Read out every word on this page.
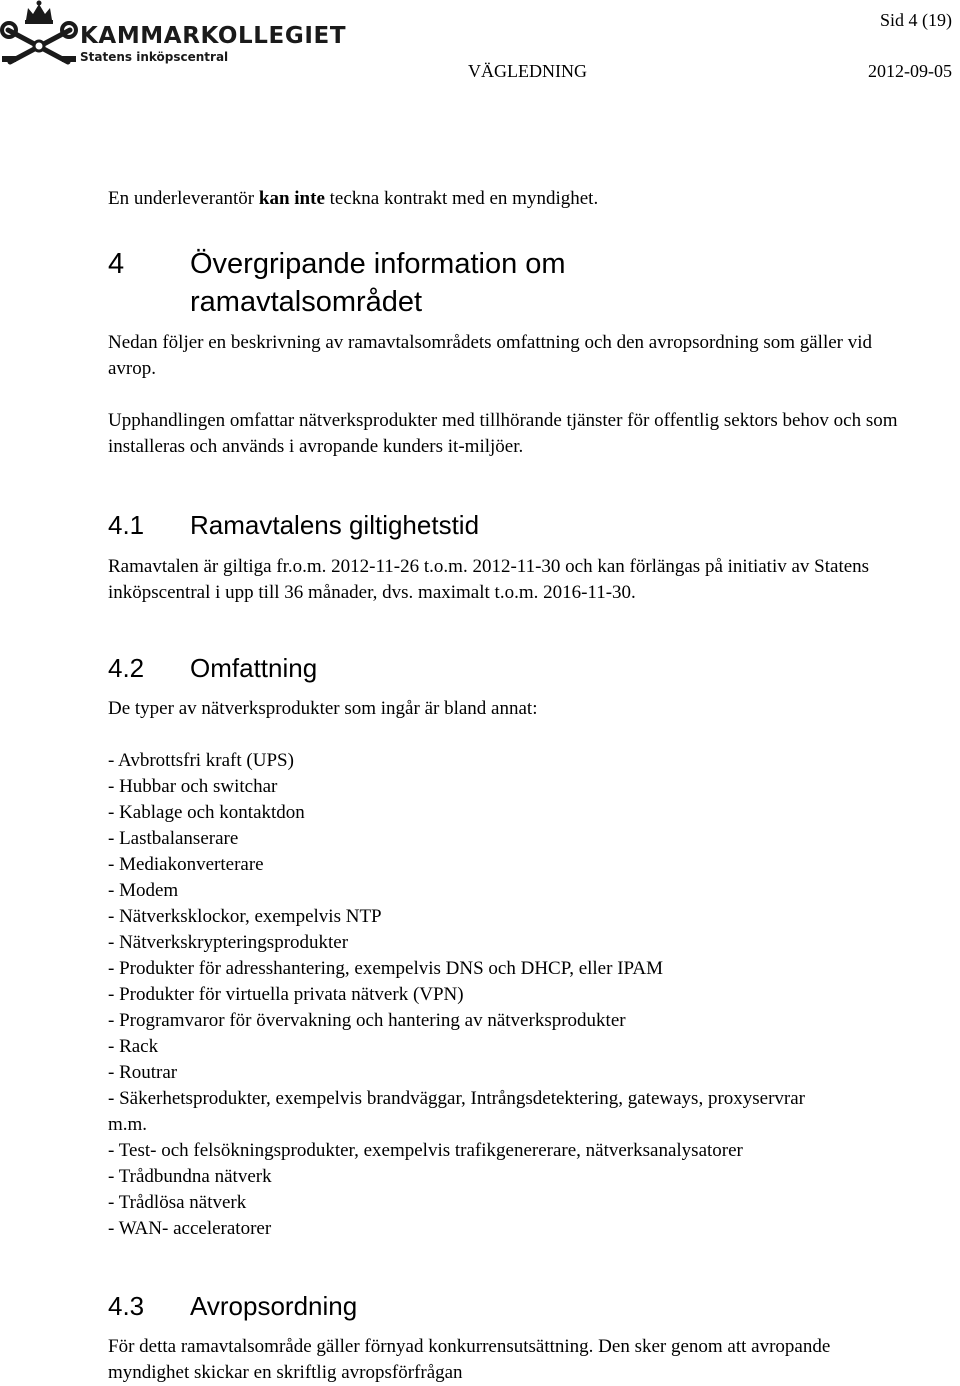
KAMMARKOLLEGIET
Statens inköpscentral
Sid 4 (19)
VÄGLEDNING	2012-09-05
En underleverantör kan inte teckna kontrakt med en myndighet.
4 Övergripande information om ramavtalsområdet
Nedan följer en beskrivning av ramavtalsområdets omfattning och den avropsordning som gäller vid avrop.
Upphandlingen omfattar nätverksprodukter med tillhörande tjänster för offentlig sektors behov och som installeras och används i avropande kunders it-miljöer.
4.1 Ramavtalens giltighetstid
Ramavtalen är giltiga fr.o.m. 2012-11-26 t.o.m. 2012-11-30 och kan förlängas på initiativ av Statens inköpscentral i upp till 36 månader, dvs. maximalt t.o.m. 2016-11-30.
4.2 Omfattning
De typer av nätverksprodukter som ingår är bland annat:
- Avbrottsfri kraft (UPS)
- Hubbar och switchar
- Kablage och kontaktdon
- Lastbalanserare
- Mediakonverterare
- Modem
- Nätverksklockor, exempelvis NTP
- Nätverkskrypteringsprodukter
- Produkter för adresshantering, exempelvis DNS och DHCP, eller IPAM
- Produkter för virtuella privata nätverk (VPN)
- Programvaror för övervakning och hantering av nätverksprodukter
- Rack
- Routrar
- Säkerhetsprodukter, exempelvis brandväggar, Intrångsdetektering, gateways, proxyservrar m.m.
- Test- och felsökningsprodukter, exempelvis trafikgenererare, nätverksanalysatorer
- Trådbundna nätverk
- Trådlösa nätverk
- WAN- acceleratorer
4.3 Avropsordning
För detta ramavtalsområde gäller förnyad konkurrensutsättning. Den sker genom att avropande myndighet skickar en skriftlig avropsförfrågan
